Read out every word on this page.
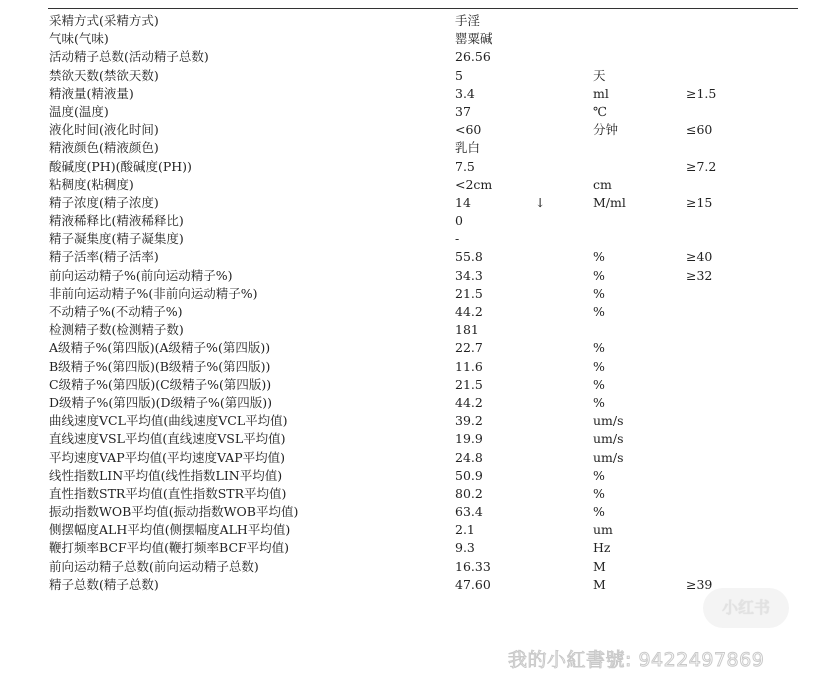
采精方式(采精方式)	手淫
气味(气味)	罂粟碱
活动精子总数(活动精子总数)	26.56
禁欲天数(禁欲天数)	5	天
精液量(精液量)	3.4	ml	≥1.5
温度(温度)	37	℃
液化时间(液化时间)	<60	分钟	≤60
精液颜色(精液颜色)	乳白
酸碱度(PH)(酸碱度(PH))	7.5	≥7.2
粘稠度(粘稠度)	<2cm	cm
精子浓度(精子浓度)	14	↓	M/ml	≥15
精液稀释比(精液稀释比)	0
精子凝集度(精子凝集度)	-
精子活率(精子活率)	55.8	%	≥40
前向运动精子%(前向运动精子%)	34.3	%	≥32
非前向运动精子%(非前向运动精子%)	21.5	%
不动精子%(不动精子%)	44.2	%
检测精子数(检测精子数)	181
A级精子%(第四版)(A级精子%(第四版))	22.7	%
B级精子%(第四版)(B级精子%(第四版))	11.6	%
C级精子%(第四版)(C级精子%(第四版))	21.5	%
D级精子%(第四版)(D级精子%(第四版))	44.2	%
曲线速度VCL平均值(曲线速度VCL平均值)	39.2	um/s
直线速度VSL平均值(直线速度VSL平均值)	19.9	um/s
平均速度VAP平均值(平均速度VAP平均值)	24.8	um/s
线性指数LIN平均值(线性指数LIN平均值)	50.9	%
直性指数STR平均值(直性指数STR平均值)	80.2	%
振动指数WOB平均值(振动指数WOB平均值)	63.4	%
侧摆幅度ALH平均值(侧摆幅度ALH平均值)	2.1	um
鞭打频率BCF平均值(鞭打频率BCF平均值)	9.3	Hz
前向运动精子总数(前向运动精子总数)	16.33	M
精子总数(精子总数)	47.60	M	≥39
小红书
我的小紅書號: 9422497869
